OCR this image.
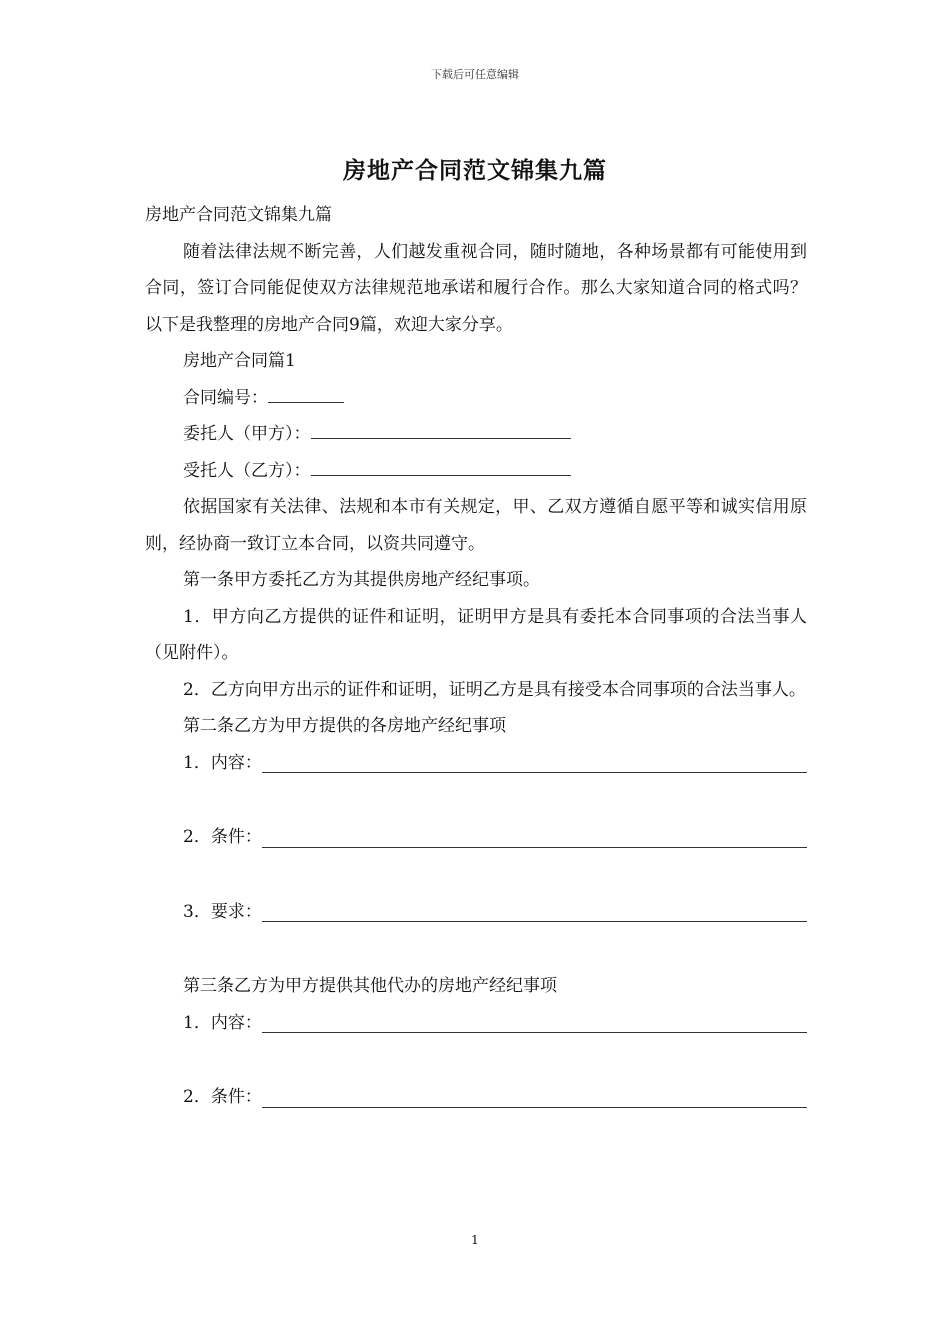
下载后可任意编辑
房地产合同范文锦集九篇
房地产合同范文锦集九篇
随着法律法规不断完善，人们越发重视合同，随时随地，各种场景都有可能使用到合同，签订合同能促使双方法律规范地承诺和履行合作。那么大家知道合同的格式吗？以下是我整理的房地产合同9篇，欢迎大家分享。
房地产合同篇1
合同编号：
委托人（甲方）：
受托人（乙方）：
依据国家有关法律、法规和本市有关规定，甲、乙双方遵循自愿平等和诚实信用原则，经协商一致订立本合同，以资共同遵守。
第一条甲方委托乙方为其提供房地产经纪事项。
1．甲方向乙方提供的证件和证明，证明甲方是具有委托本合同事项的合法当事人（见附件）。
2．乙方向甲方出示的证件和证明，证明乙方是具有接受本合同事项的合法当事人。
第二条乙方为甲方提供的各房地产经纪事项
1．内容：
2．条件：
3．要求：
第三条乙方为甲方提供其他代办的房地产经纪事项
1．内容：
2．条件：
1
